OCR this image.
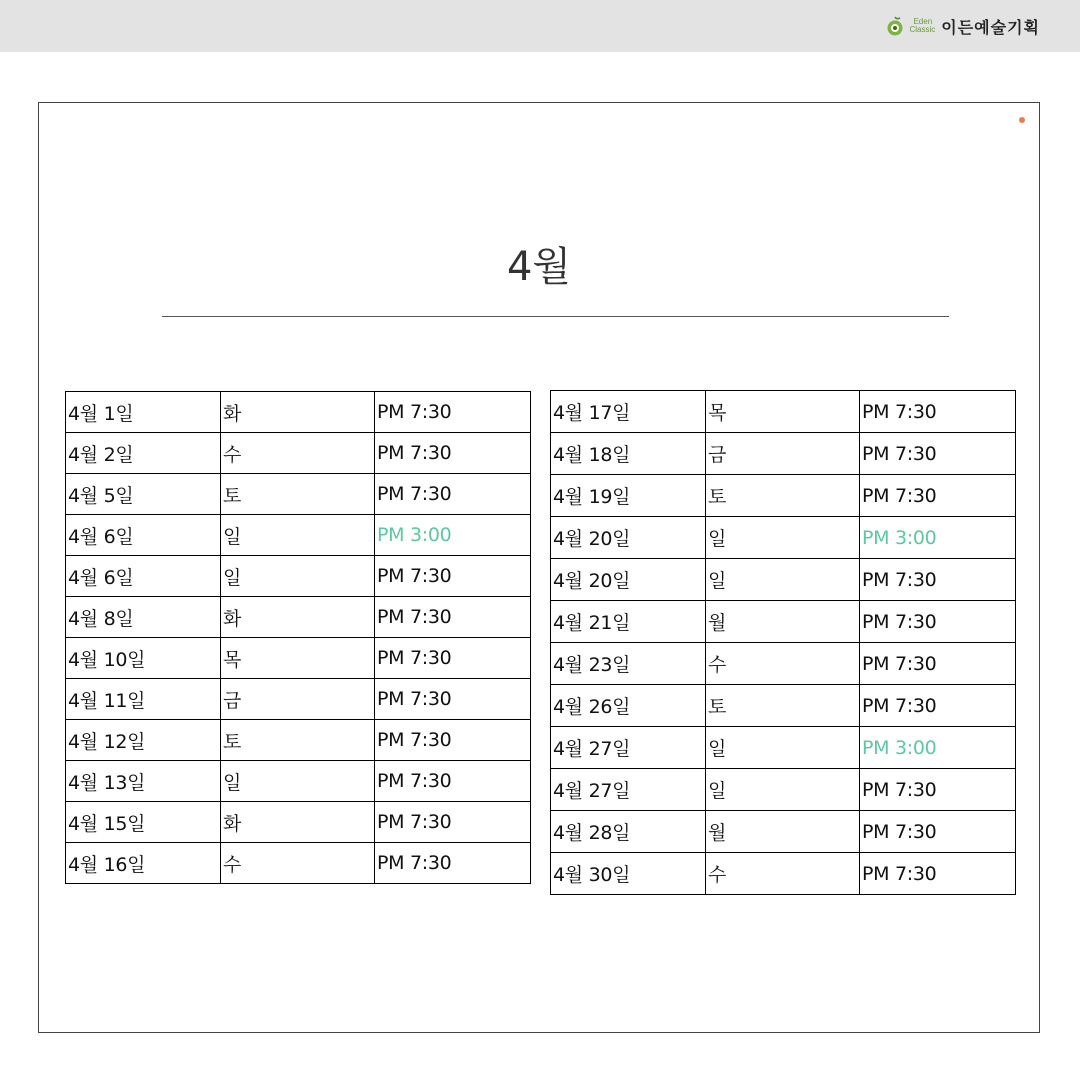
Eden
Classic 이든예술기획
4월
4월 1일	화	PM 7:30
4월 2일	수	PM 7:30
4월 5일	토	PM 7:30
4월 6일	일	PM 3:00
4월 6일	일	PM 7:30
4월 8일	화	PM 7:30
4월 10일	목	PM 7:30
4월 11일	금	PM 7:30
4월 12일	토	PM 7:30
4월 13일	일	PM 7:30
4월 15일	화	PM 7:30
4월 16일	수	PM 7:30
4월 17일	목	PM 7:30
4월 18일	금	PM 7:30
4월 19일	토	PM 7:30
4월 20일	일	PM 3:00
4월 20일	일	PM 7:30
4월 21일	월	PM 7:30
4월 23일	수	PM 7:30
4월 26일	토	PM 7:30
4월 27일	일	PM 3:00
4월 27일	일	PM 7:30
4월 28일	월	PM 7:30
4월 30일	수	PM 7:30
